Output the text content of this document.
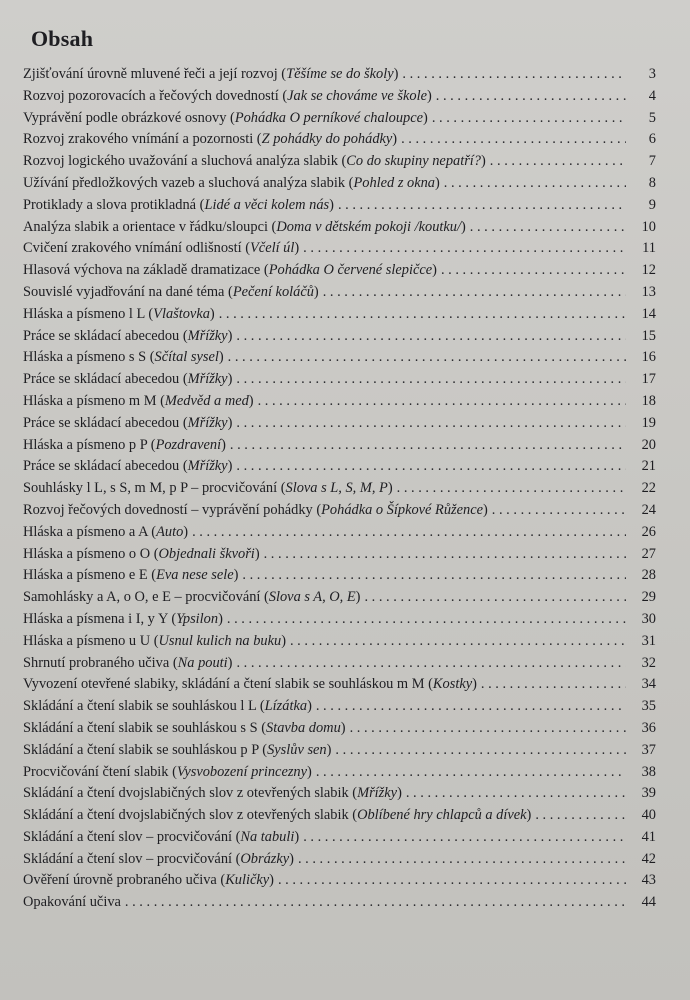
Obsah
Zjišťování úrovně mluvené řeči a její rozvoj (Těšíme se do školy) . . .	3
Rozvoj pozorovacích a řečových dovedností (Jak se chováme ve škole) . . .	4
Vyprávění podle obrázkové osnovy (Pohádka O perníkové chaloupce) . . .	5
Rozvoj zrakového vnímání a pozornosti (Z pohádky do pohádky) . . .	6
Rozvoj logického uvažování a sluchová analýza slabik (Co do skupiny nepatří?) . . .	7
Užívání předložkových vazeb a sluchová analýza slabik (Pohled z okna) . . .	8
Protiklady a slova protikladná (Lidé a věci kolem nás) . . .	9
Analýza slabik a orientace v řádku/sloupci (Doma v dětském pokoji /koutku/) . . .	10
Cvičení zrakového vnímání odlišností (Včelí úl) . . .	11
Hlasová výchova na základě dramatizace (Pohádka O červené slepičce) . . .	12
Souvislé vyjadřování na dané téma (Pečení koláčů) . . .	13
Hláska a písmeno l L (Vlaštovka) . . .	14
Práce se skládací abecedou (Mřížky) . . .	15
Hláska a písmeno s S (Sčítal sysel) . . .	16
Práce se skládací abecedou (Mřížky) . . .	17
Hláska a písmeno m M (Medvěd a med) . . .	18
Práce se skládací abecedou (Mřížky) . . .	19
Hláska a písmeno p P (Pozdravení) . . .	20
Práce se skládací abecedou (Mřížky) . . .	21
Souhlásky l L, s S, m M, p P – procvičování (Slova s L, S, M, P) . . .	22
Rozvoj řečových dovedností – vyprávění pohádky (Pohádka o Šípkové Růžence) . . .	24
Hláska a písmeno a A (Auto) . . .	26
Hláska a písmeno o O (Objednali škvoři) . . .	27
Hláska a písmeno e E (Eva nese sele) . . .	28
Samohlásky a A, o O, e E – procvičování (Slova s A, O, E) . . .	29
Hláska a písmena i I, y Y (Ypsilon) . . .	30
Hláska a písmeno u U (Usnul kulich na buku) . . .	31
Shrnutí probraného učiva (Na pouti) . . .	32
Vyvození otevřené slabiky, skládání a čtení slabik se souhláskou m M (Kostky) . . .	34
Skládání a čtení slabik se souhláskou l L (Lízátka) . . .	35
Skládání a čtení slabik se souhláskou s S (Stavba domu) . . .	36
Skládání a čtení slabik se souhláskou p P (Syslův sen) . . .	37
Procvičování čtení slabik (Vysvobození princezny) . . .	38
Skládání a čtení dvojslabičných slov z otevřených slabik (Mřížky) . . .	39
Skládání a čtení dvojslabičných slov z otevřených slabik (Oblíbené hry chlapců a dívek) . . .	40
Skládání a čtení slov – procvičování (Na tabuli) . . .	41
Skládání a čtení slov – procvičování (Obrázky) . . .	42
Ověření úrovně probraného učiva (Kuličky) . . .	43
Opakování učiva . . .	44
